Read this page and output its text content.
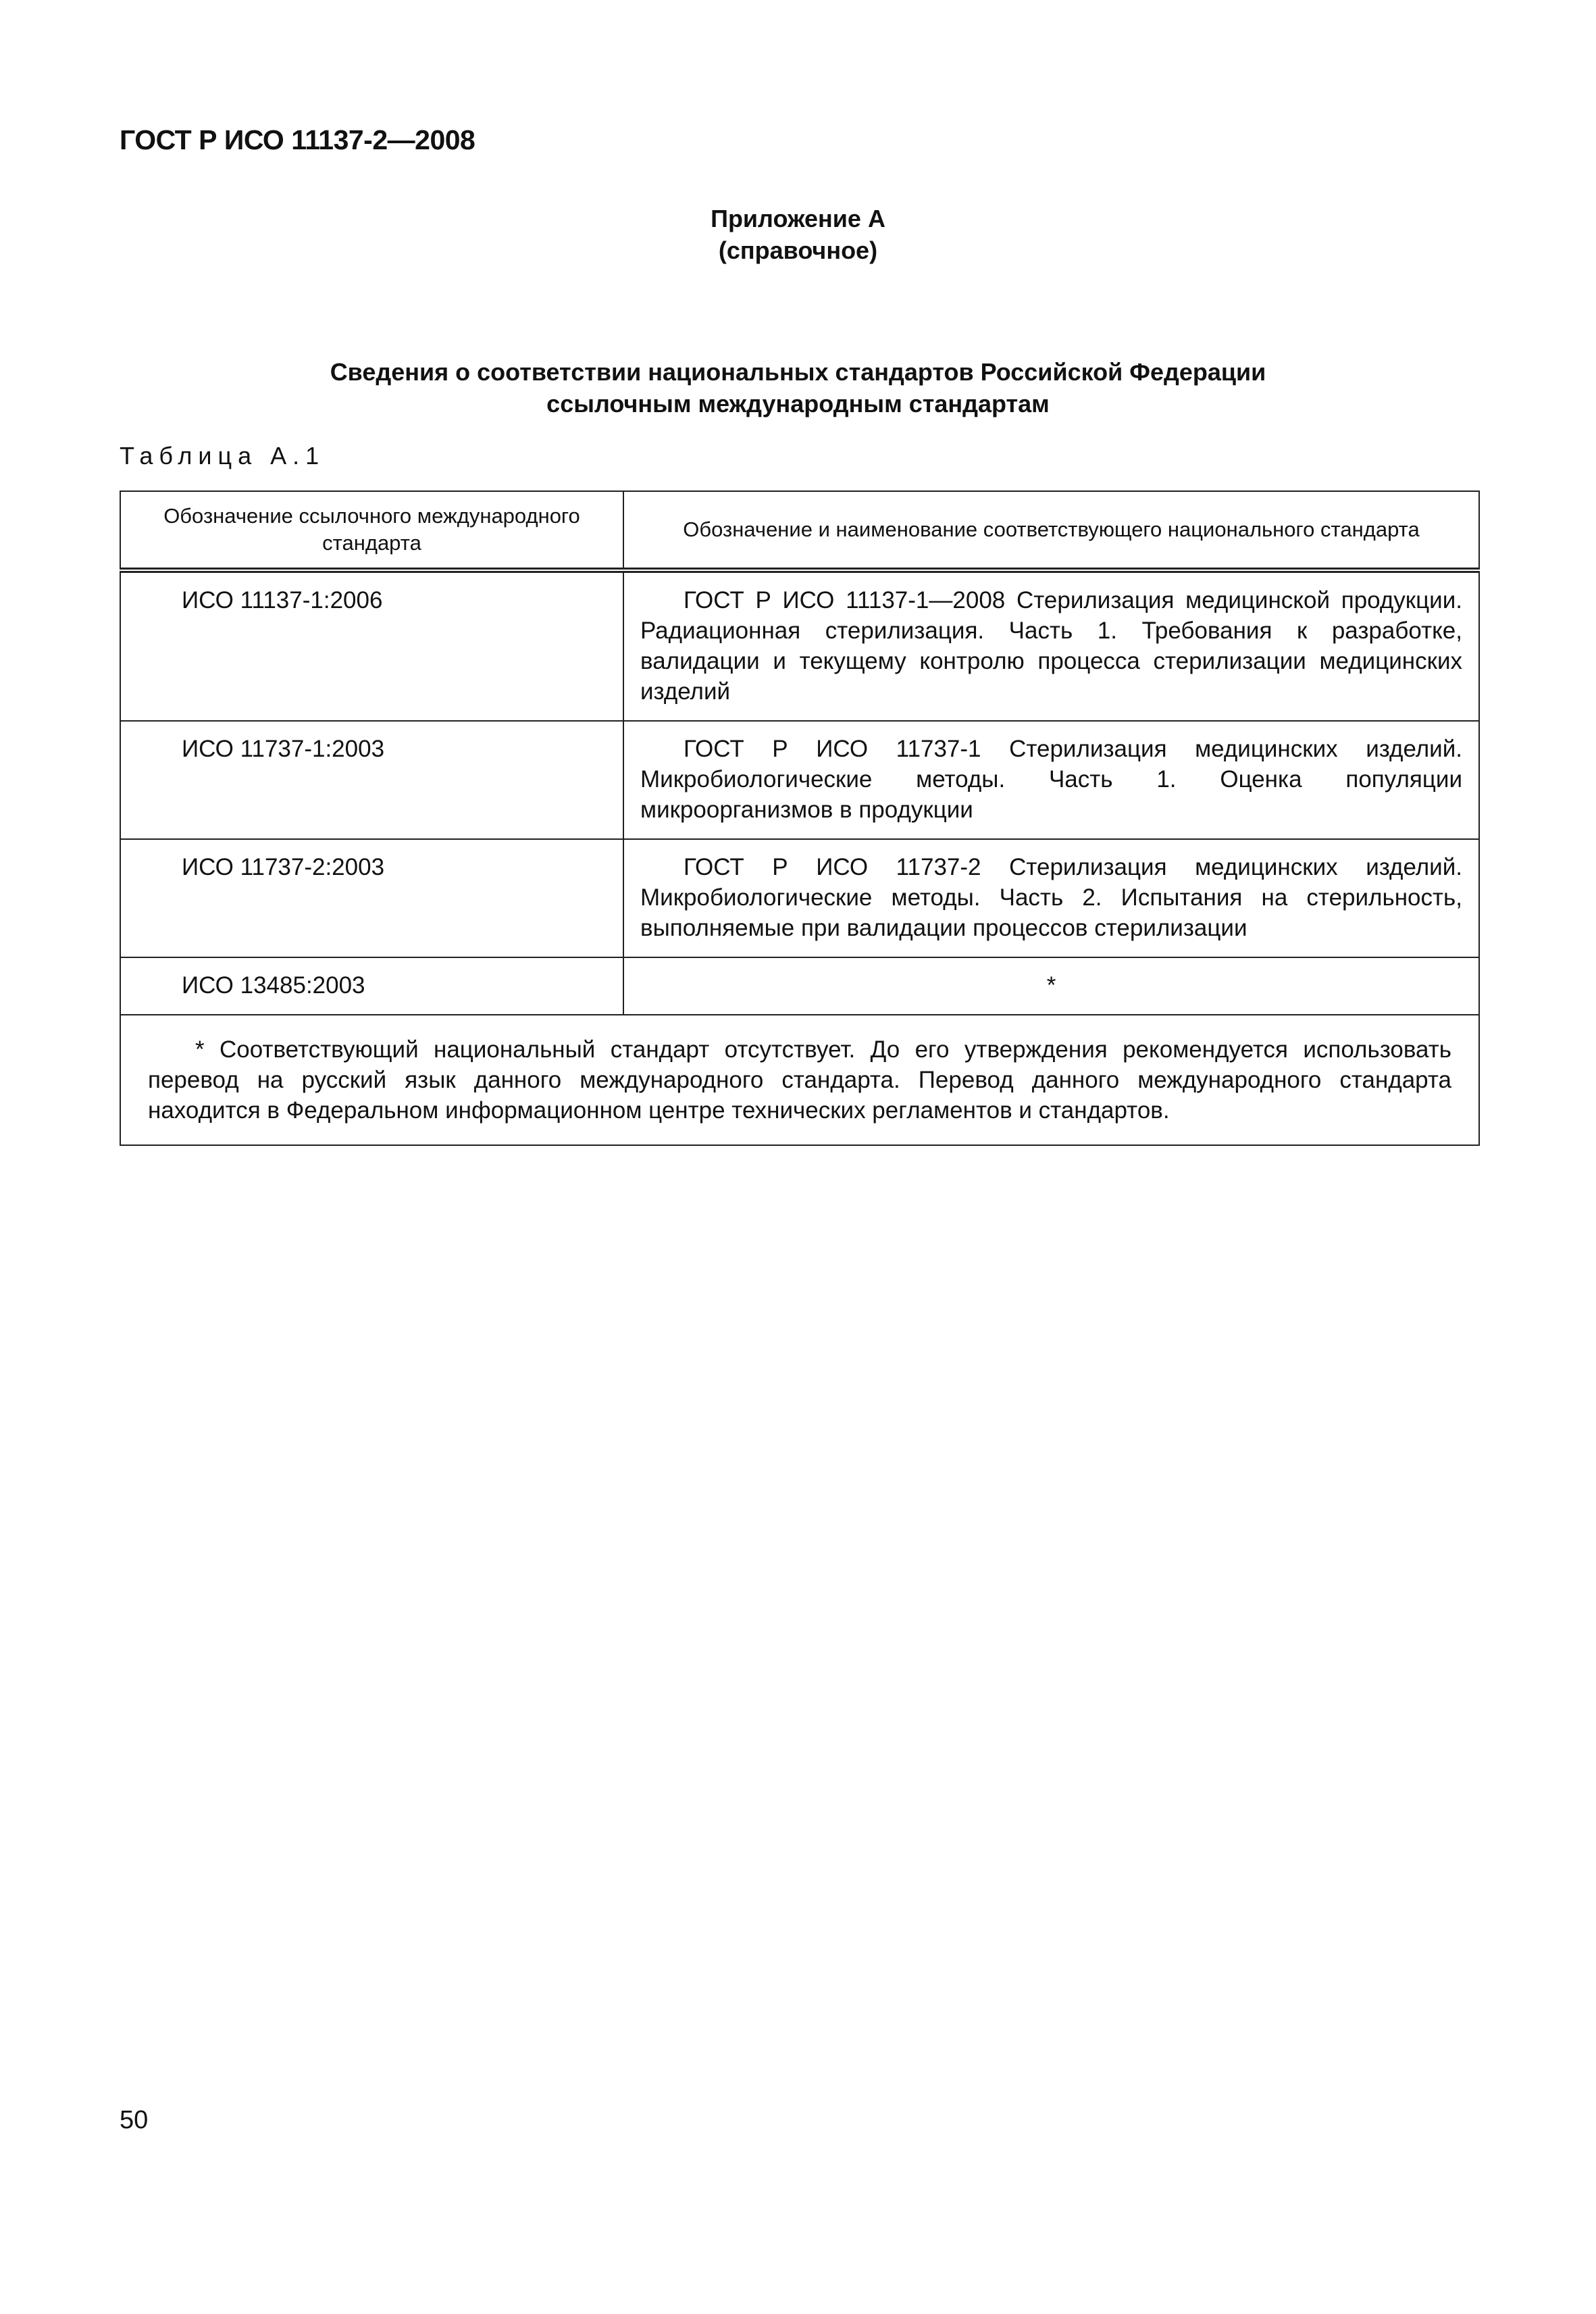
ГОСТ Р ИСО 11137-2—2008
Приложение А
(справочное)
Сведения о соответствии национальных стандартов Российской Федерации
ссылочным международным стандартам
Таблица А.1
Обозначение ссылочного международного стандарта	Обозначение и наименование соответствующего национального стандарта
ИСО 11137-1:2006	ГОСТ Р ИСО 11137-1—2008 Стерилизация медицинской продукции. Радиационная стерилизация. Часть 1. Требования к разработке, валидации и текущему контролю процесса стерилизации медицинских изделий
ИСО 11737-1:2003	ГОСТ Р ИСО 11737-1 Стерилизация медицинских изделий. Микробиологические методы. Часть 1. Оценка популяции микроорганизмов в продукции
ИСО 11737-2:2003	ГОСТ Р ИСО 11737-2 Стерилизация медицинских изделий. Микробиологические методы. Часть 2. Испытания на стерильность, выполняемые при валидации процессов стерилизации
ИСО 13485:2003	*
* Соответствующий национальный стандарт отсутствует. До его утверждения рекомендуется использовать перевод на русский язык данного международного стандарта. Перевод данного международного стандарта находится в Федеральном информационном центре технических регламентов и стандартов.	
50
